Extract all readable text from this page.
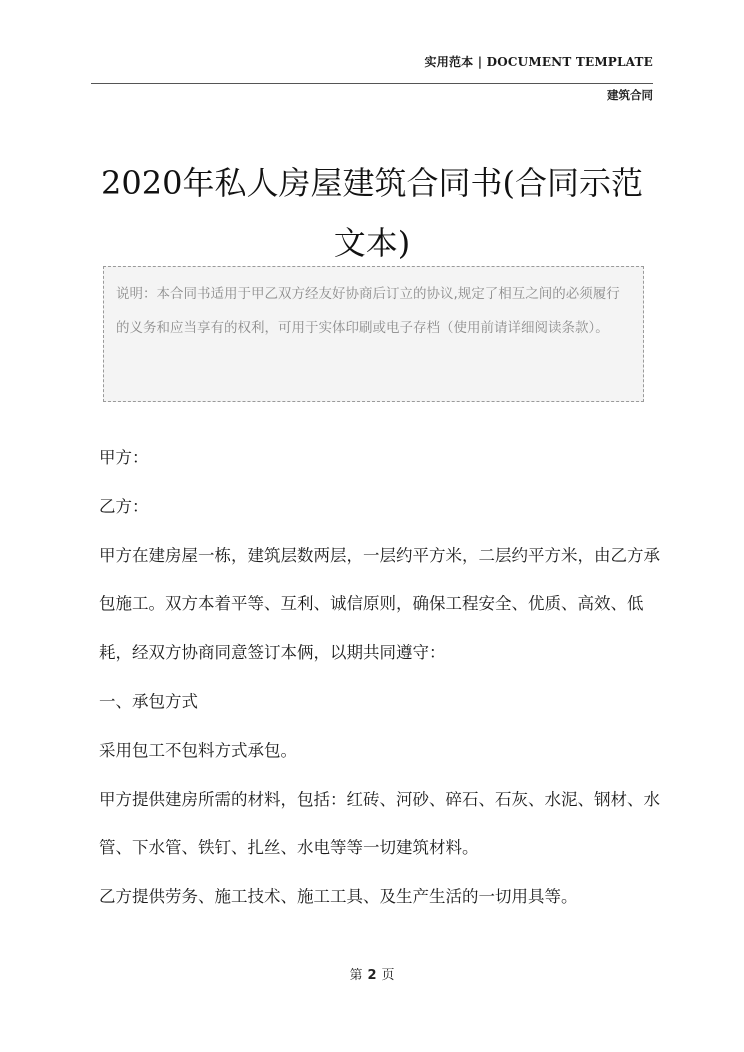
实用范本 | DOCUMENT TEMPLATE
建筑合同
2020年私人房屋建筑合同书(合同示范文本)
说明：本合同书适用于甲乙双方经友好协商后订立的协议,规定了相互之间的必须履行的义务和应当享有的权利，可用于实体印刷或电子存档（使用前请详细阅读条款）。

甲方：

乙方：

甲方在建房屋一栋，建筑层数两层，一层约平方米，二层约平方米，由乙方承包施工。双方本着平等、互利、诚信原则，确保工程安全、优质、高效、低耗，经双方协商同意签订本俩，以期共同遵守：

一、承包方式

采用包工不包料方式承包。

甲方提供建房所需的材料，包括：红砖、河砂、碎石、石灰、水泥、钢材、水管、下水管、铁钉、扎丝、水电等等一切建筑材料。

乙方提供劳务、施工技术、施工工具、及生产生活的一切用具等。

第 2 页
